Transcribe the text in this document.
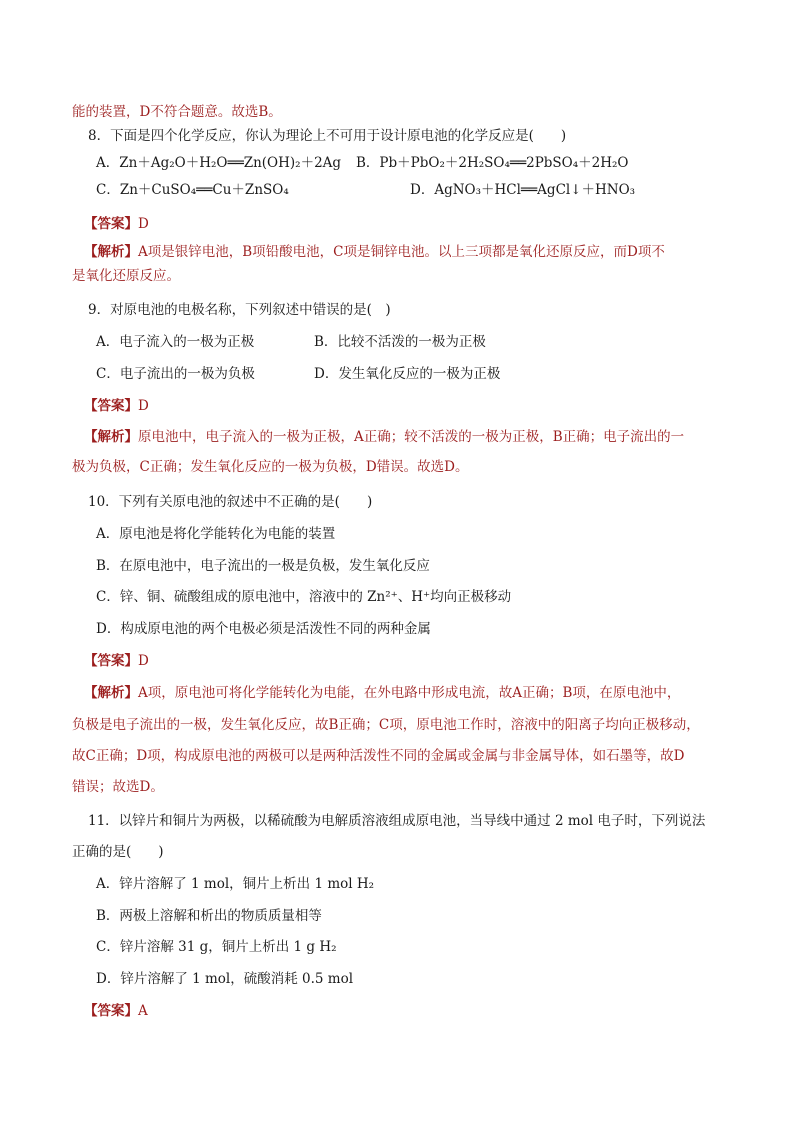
能的装置，D不符合题意。故选B。
8．下面是四个化学反应，你认为理论上不可用于设计原电池的化学反应是(　　)
A．Zn＋Ag₂O＋H₂O══Zn(OH)₂＋2Ag B．Pb＋PbO₂＋2H₂SO₄══2PbSO₄＋2H₂O
C．Zn＋CuSO₄══Cu＋ZnSO₄	D．AgNO₃＋HCl══AgCl↓＋HNO₃
【答案】D
【解析】A项是银锌电池，B项铅酸电池，C项是铜锌电池。以上三项都是氧化还原反应，而D项不
是氧化还原反应。
9．对原电池的电极名称，下列叙述中错误的是(　)
A．电子流入的一极为正极	B．比较不活泼的一极为正极
C．电子流出的一极为负极	D．发生氧化反应的一极为正极
【答案】D
【解析】原电池中，电子流入的一极为正极，A正确；较不活泼的一极为正极，B正确；电子流出的一
极为负极，C正确；发生氧化反应的一极为负极，D错误。故选D。
10．下列有关原电池的叙述中不正确的是(　　)
A．原电池是将化学能转化为电能的装置
B．在原电池中，电子流出的一极是负极，发生氧化反应
C．锌、铜、硫酸组成的原电池中，溶液中的 Zn²⁺、H⁺均向正极移动
D．构成原电池的两个电极必须是活泼性不同的两种金属
【答案】D
【解析】A项，原电池可将化学能转化为电能，在外电路中形成电流，故A正确；B项，在原电池中，
负极是电子流出的一极，发生氧化反应，故B正确；C项，原电池工作时，溶液中的阳离子均向正极移动，
故C正确；D项，构成原电池的两极可以是两种活泼性不同的金属或金属与非金属导体，如石墨等，故D
错误；故选D。
11．以锌片和铜片为两极，以稀硫酸为电解质溶液组成原电池，当导线中通过 2 mol 电子时，下列说法
正确的是(　　)
A．锌片溶解了 1 mol，铜片上析出 1 mol H₂
B．两极上溶解和析出的物质质量相等
C．锌片溶解 31 g，铜片上析出 1 g H₂
D．锌片溶解了 1 mol，硫酸消耗 0.5 mol
【答案】A
